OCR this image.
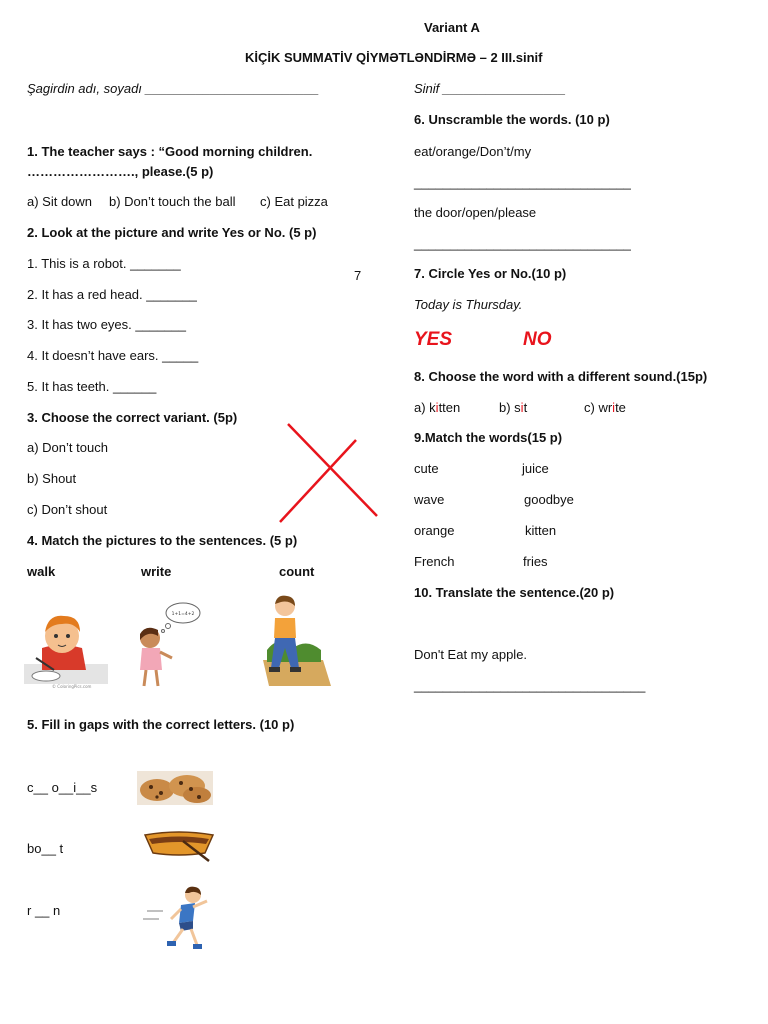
Variant A
KİÇİK SUMMATİV QİYMƏTLƏNDİRMƏ – 2 III.sinif
Şagirdin adı, soyadı ________________________	Sinif _________________
1. The teacher says : “Good morning children.
……………………., please.(5 p)
a) Sit down b) Don’t touch the ball c) Eat pizza
2. Look at the picture and write Yes or No. (5 p)
1. This is a robot. _______
2. It has a red head. _______
3. It has two eyes. _______
4. It doesn’t have ears. _____
5. It has teeth. ______
7
3. Choose the correct variant. (5p)
a) Don’t touch
b) Shout
c) Don’t shout
4. Match the pictures to the sentences. (5 p)
walk	write	count
© ColoringPics.com
1+1=4+2
5. Fill in gaps with the correct letters. (10 p)
c__ o__i__s
bo__ t
r __ n
6. Unscramble the words. (10 p)
eat/orange/Don’t/my
______________________________
the door/open/please
______________________________
7. Circle Yes or No.(10 p)
Today is Thursday.
YES	NO
8. Choose the word with a different sound.(15p)
a) kitten	b) sit	c) write
9.Match the words(15 p)
cute	juice
wave	goodbye
orange	kitten
French	fries
10. Translate the sentence.(20 p)
Don't Eat my apple.
________________________________
